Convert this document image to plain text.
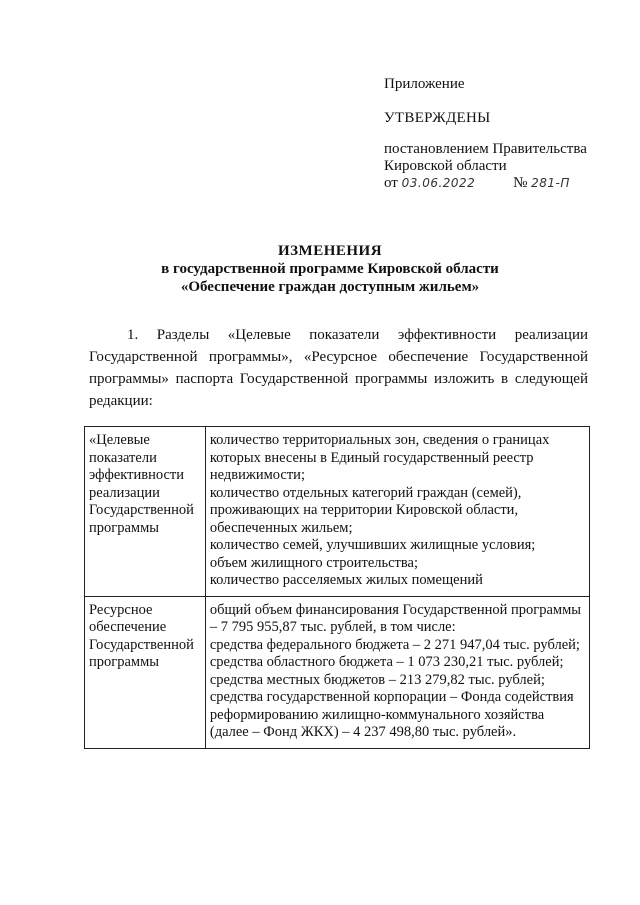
Приложение
УТВЕРЖДЕНЫ
постановлением Правительства
Кировской области
от 03.06.2022	№ 281-П
ИЗМЕНЕНИЯ
в государственной программе Кировской области
«Обеспечение граждан доступным жильем»
1. Разделы «Целевые показатели эффективности реализации Государственной программы», «Ресурсное обеспечение Государственной программы» паспорта Государственной программы изложить в следующей редакции:
«Целевые показатели эффективности реализации Государственной программы	количество территориальных зон, сведения о границах которых внесены в Единый государственный реестр недвижимости;
количество отдельных категорий граждан (семей), проживающих на территории Кировской области, обеспеченных жильем;
количество семей, улучшивших жилищные условия;
объем жилищного строительства;
количество расселяемых жилых помещений

Ресурсное обеспечение Государственной программы	общий объем финансирования Государственной программы – 7 795 955,87 тыс. рублей, в том числе:
средства федерального бюджета – 2 271 947,04 тыс. рублей;
средства областного бюджета – 1 073 230,21 тыс. рублей;
средства местных бюджетов – 213 279,82 тыс. рублей;
средства государственной корпорации – Фонда содействия реформированию жилищно-коммунального хозяйства (далее – Фонд ЖКХ) – 4 237 498,80 тыс. рублей».
